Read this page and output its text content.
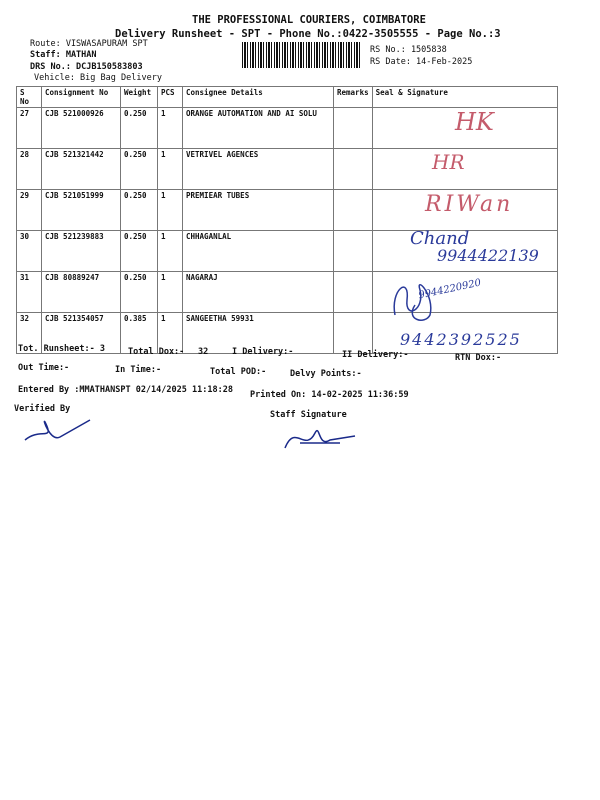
THE PROFESSIONAL COURIERS, COIMBATORE
Delivery Runsheet - SPT - Phone No.:0422-3505555 - Page No.:3
Route: VISWASAPURAM SPT
Staff: MATHAN
DRS No.: DCJB150583803
Vehicle: Big Bag Delivery
RS No.: 1505838
RS Date: 14-Feb-2025
S No	Consignment No	Weight	PCS	Consignee Details	Remarks	Seal & Signature
27	CJB 521000926	0.250	1	ORANGE AUTOMATION AND AI SOLU		
28	CJB 521321442	0.250	1	VETRIVEL AGENCES		
29	CJB 521051999	0.250	1	PREMIEAR TUBES		
30	CJB 521239883	0.250	1	CHHAGANLAL		
31	CJB 80889247	0.250	1	NAGARAJ		
32	CJB 521354057	0.385	1	SANGEETHA 59931		
HK
HR
RIWan
Chand
9944422139
9944220920
9442392525
Tot. Runsheet:- 3	Total Dox:- 32	I Delivery:-	II Delivery:-	RTN Dox:-
Out Time:-	In Time:-	Total POD:-	Delvy Points:-
Entered By :MMATHANSPT 02/14/2025 11:18:28 Printed On: 14-02-2025 11:36:59
Verified By
Staff Signature
